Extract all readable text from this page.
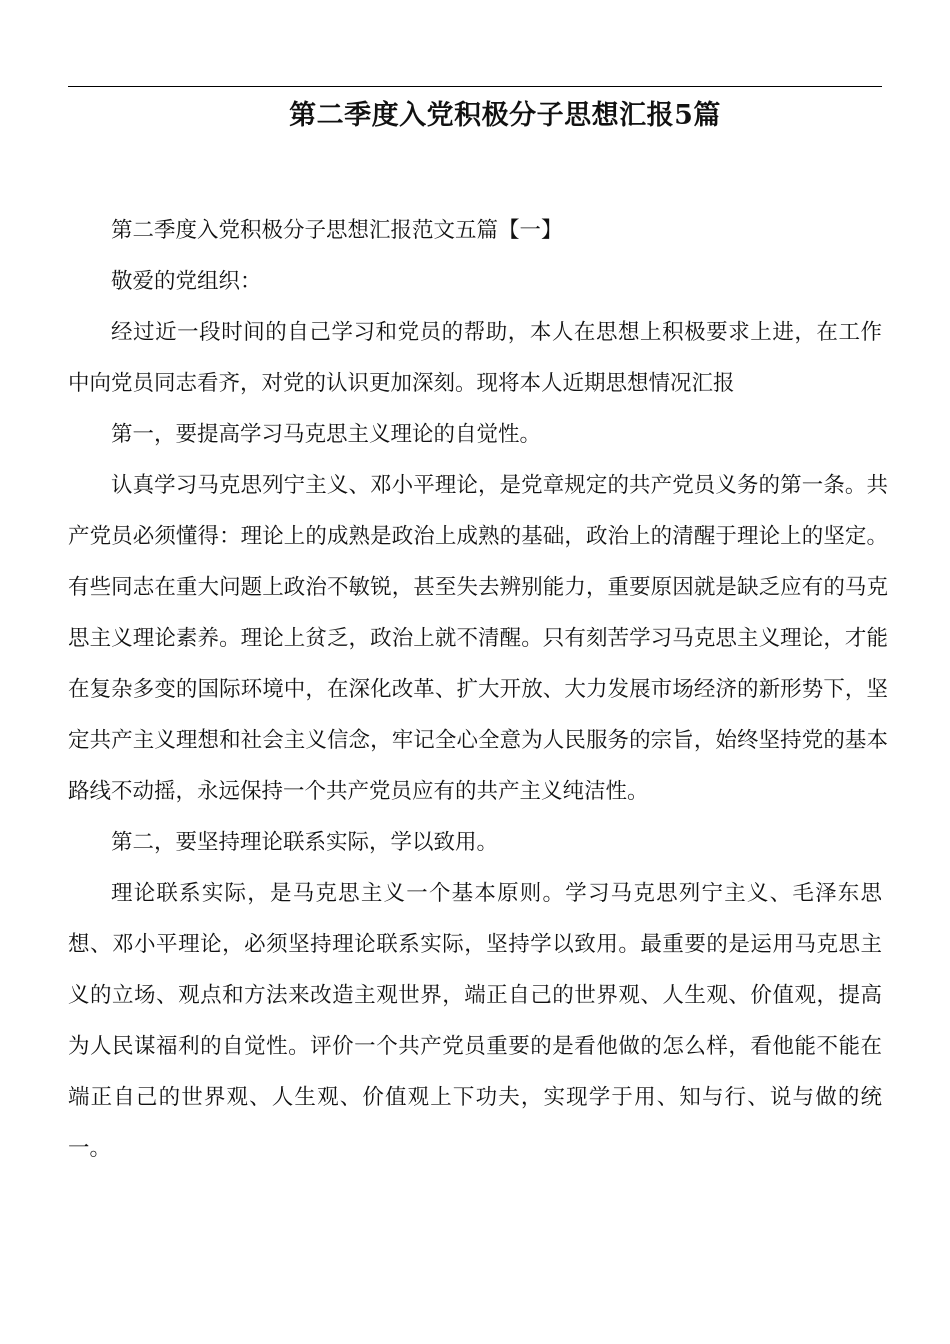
第二季度入党积极分子思想汇报5篇

第二季度入党积极分子思想汇报范文五篇【一】

敬爱的党组织：

经过近一段时间的自己学习和党员的帮助，本人在思想上积极要求上进，在工作中向党员同志看齐，对党的认识更加深刻。现将本人近期思想情况汇报

第一，要提高学习马克思主义理论的自觉性。

认真学习马克思列宁主义、邓小平理论，是党章规定的共产党员义务的第一条。共产党员必须懂得：理论上的成熟是政治上成熟的基础，政治上的清醒于理论上的坚定。有些同志在重大问题上政治不敏锐，甚至失去辨别能力，重要原因就是缺乏应有的马克思主义理论素养。理论上贫乏，政治上就不清醒。只有刻苦学习马克思主义理论，才能在复杂多变的国际环境中，在深化改革、扩大开放、大力发展市场经济的新形势下，坚定共产主义理想和社会主义信念，牢记全心全意为人民服务的宗旨，始终坚持党的基本路线不动摇，永远保持一个共产党员应有的共产主义纯洁性。

第二，要坚持理论联系实际，学以致用。

理论联系实际，是马克思主义一个基本原则。学习马克思列宁主义、毛泽东思想、邓小平理论，必须坚持理论联系实际，坚持学以致用。最重要的是运用马克思主义的立场、观点和方法来改造主观世界，端正自己的世界观、人生观、价值观，提高为人民谋福利的自觉性。评价一个共产党员重要的是看他做的怎么样，看他能不能在端正自己的世界观、人生观、价值观上下功夫，实现学于用、知与行、说与做的统一。
